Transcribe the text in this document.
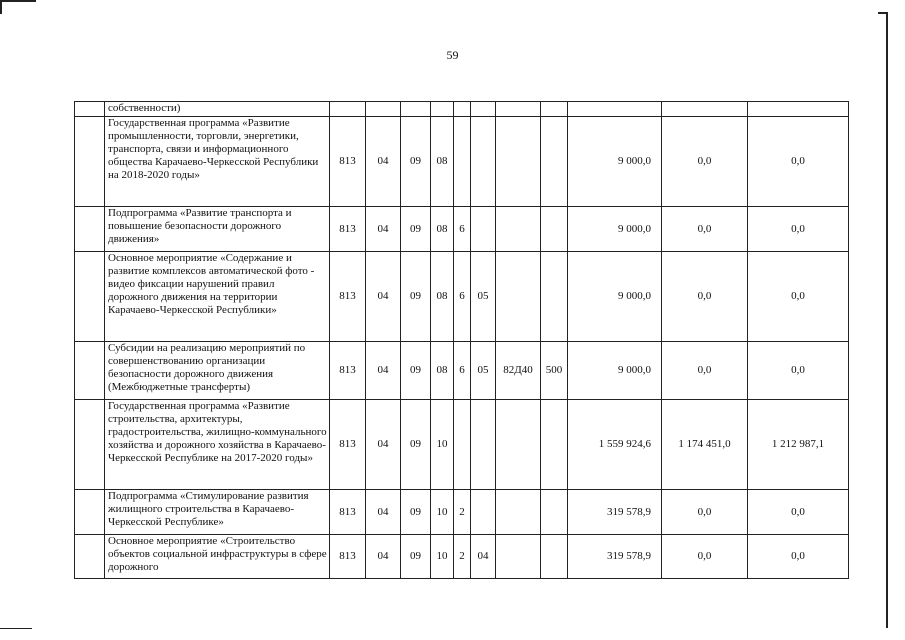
59
	собственности)											
	Государственная программа «Развитие промышленности, торговли, энергетики, транспорта, связи и информационного общества Карачаево-Черкесской Республики на 2018-2020 годы»	813	04	09	08					9 000,0	0,0	0,0
	Подпрограмма «Развитие транспорта и повышение безопасности дорожного движения»	813	04	09	08	6				9 000,0	0,0	0,0
	Основное мероприятие «Содержание и развитие комплексов автоматической фото - видео фиксации нарушений правил дорожного движения на территории Карачаево-Черкесской Республики»	813	04	09	08	6	05			9 000,0	0,0	0,0
	Субсидии на реализацию мероприятий по совершенствованию организации безопасности дорожного движения (Межбюджетные трансферты)	813	04	09	08	6	05	82Д40	500	9 000,0	0,0	0,0
	Государственная программа «Развитие строительства, архитектуры, градостроительства, жилищно-коммунального хозяйства и дорожного хозяйства в Карачаево-Черкесской Республике на 2017-2020 годы»	813	04	09	10					1 559 924,6	1 174 451,0	1 212 987,1
	Подпрограмма «Стимулирование развития жилищного строительства в Карачаево-Черкесской Республике»	813	04	09	10	2				319 578,9	0,0	0,0
	Основное мероприятие «Строительство объектов социальной инфраструктуры в сфере дорожного	813	04	09	10	2	04			319 578,9	0,0	0,0
